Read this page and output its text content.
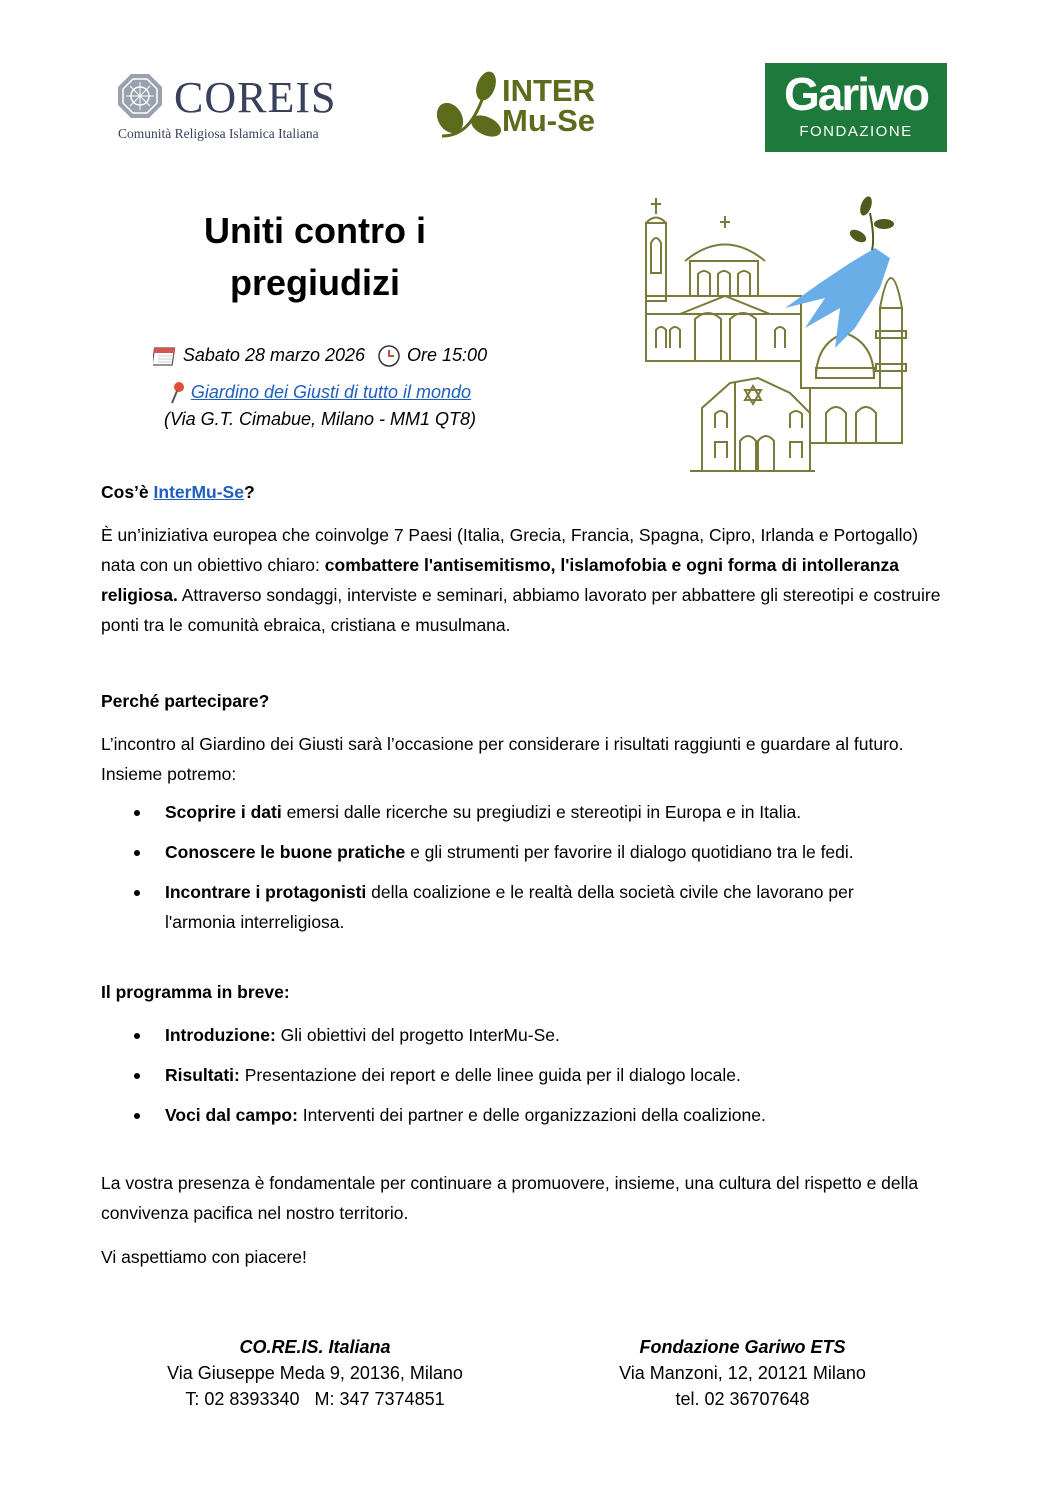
COREIS
Comunità Religiosa Islamica Italiana
INTER
Mu-Se
Gariwo
FONDAZIONE
Uniti contro i
pregiudizi
Sabato 28 marzo 2026 Ore 15:00
Giardino dei Giusti di tutto il mondo
(Via G.T. Cimabue, Milano - MM1 QT8)
Cos’è InterMu-Se?
È un’iniziativa europea che coinvolge 7 Paesi (Italia, Grecia, Francia, Spagna, Cipro, Irlanda e Portogallo) nata con un obiettivo chiaro: combattere l'antisemitismo, l'islamofobia e ogni forma di intolleranza religiosa. Attraverso sondaggi, interviste e seminari, abbiamo lavorato per abbattere gli stereotipi e costruire ponti tra le comunità ebraica, cristiana e musulmana.
Perché partecipare?
L’incontro al Giardino dei Giusti sarà l’occasione per considerare i risultati raggiunti e guardare al futuro. Insieme potremo:
Scoprire i dati emersi dalle ricerche su pregiudizi e stereotipi in Europa e in Italia.
Conoscere le buone pratiche e gli strumenti per favorire il dialogo quotidiano tra le fedi.
Incontrare i protagonisti della coalizione e le realtà della società civile che lavorano per l'armonia interreligiosa.
Il programma in breve:
Introduzione: Gli obiettivi del progetto InterMu-Se.
Risultati: Presentazione dei report e delle linee guida per il dialogo locale.
Voci dal campo: Interventi dei partner e delle organizzazioni della coalizione.
La vostra presenza è fondamentale per continuare a promuovere, insieme, una cultura del rispetto e della convivenza pacifica nel nostro territorio.
Vi aspettiamo con piacere!
CO.RE.IS. Italiana
Via Giuseppe Meda 9, 20136, Milano
T: 02 8393340   M: 347 7374851
Fondazione Gariwo ETS
Via Manzoni, 12, 20121 Milano
tel. 02 36707648
